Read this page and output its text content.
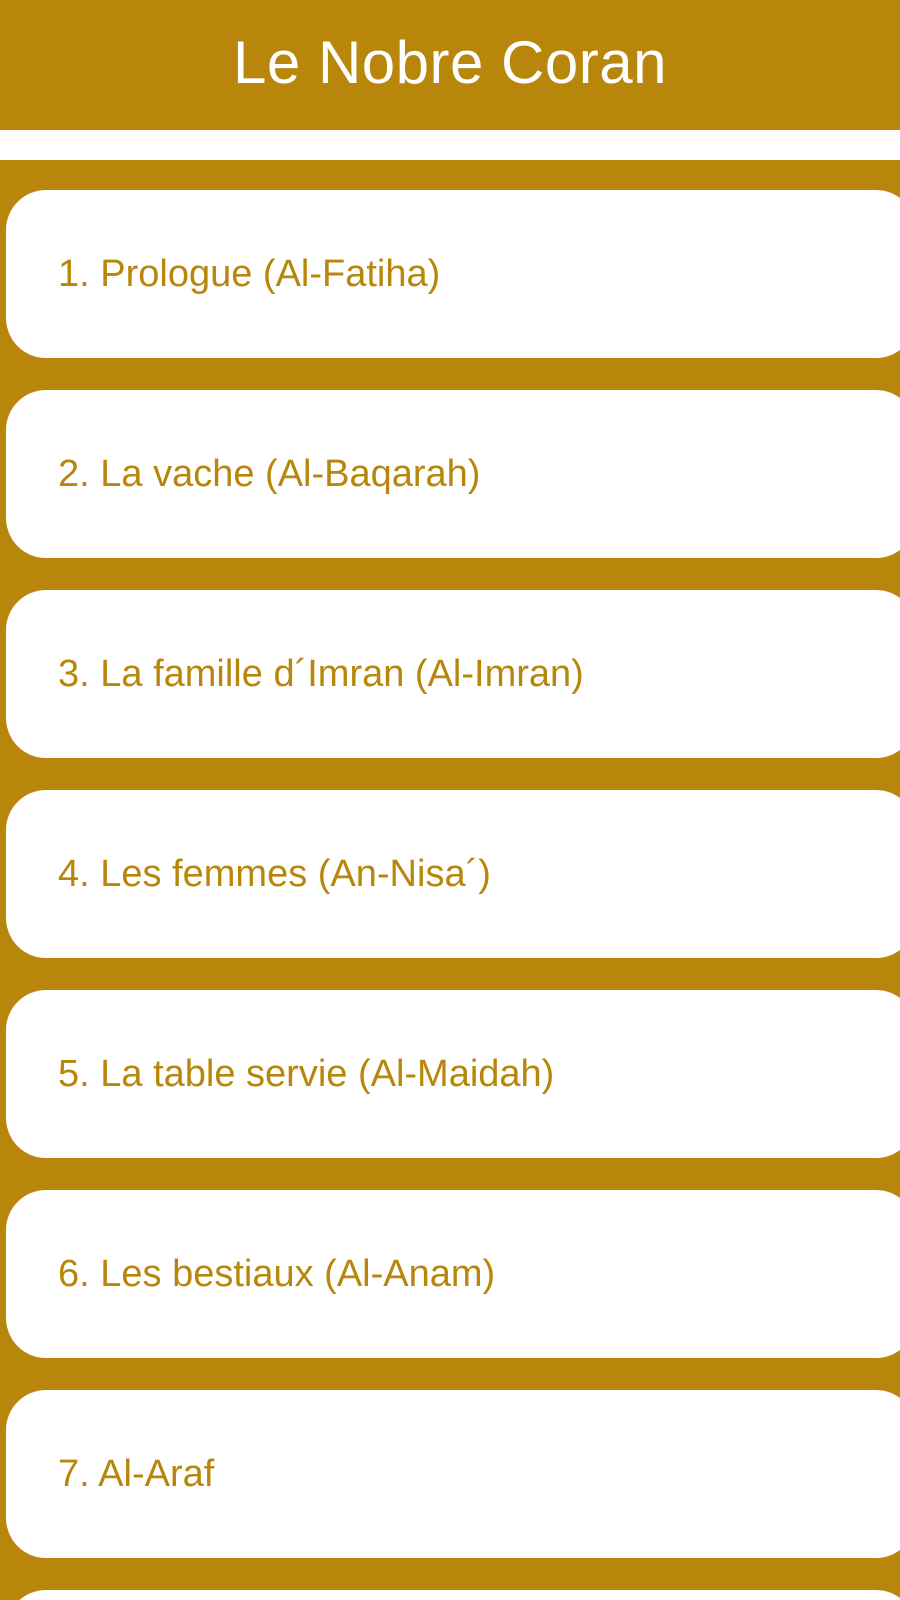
Le Nobre Coran
1. Prologue (Al-Fatiha)
2. La vache (Al-Baqarah)
3. La famille d´Imran (Al-Imran)
4. Les femmes (An-Nisa´)
5. La table servie (Al-Maidah)
6. Les bestiaux (Al-Anam)
7. Al-Araf
